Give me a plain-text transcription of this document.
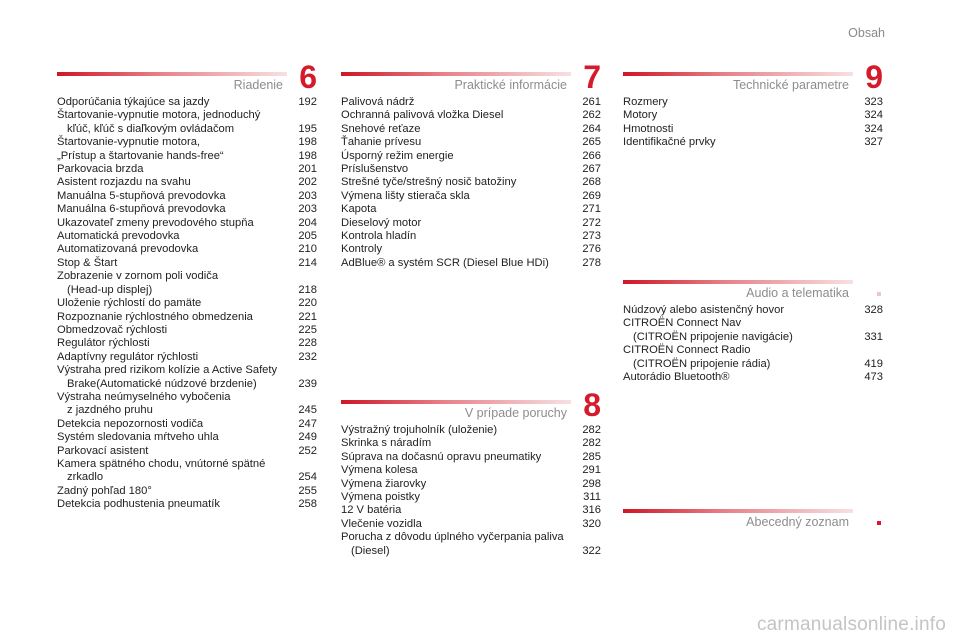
Obsah
Riadenie 6
Odporúčania týkajúce sa jazdy	192
Štartovanie-vypnutie motora, jednoduchý
kľúč, kľúč s diaľkovým ovládačom	195
Štartovanie-vypnutie motora,	198
„Prístup a štartovanie hands-free“	198
Parkovacia brzda	201
Asistent rozjazdu na svahu	202
Manuálna 5-stupňová prevodovka	203
Manuálna 6-stupňová prevodovka	203
Ukazovateľ zmeny prevodového stupňa	204
Automatická prevodovka	205
Automatizovaná prevodovka	210
Stop & Štart	214
Zobrazenie v zornom poli vodiča
(Head-up displej)	218
Uloženie rýchlostí do pamäte	220
Rozpoznanie rýchlostného obmedzenia	221
Obmedzovač rýchlosti	225
Regulátor rýchlosti	228
Adaptívny regulátor rýchlosti	232
Výstraha pred rizikom kolízie a Active Safety
Brake(Automatické núdzové brzdenie)	239
Výstraha neúmyselného vybočenia
z jazdného pruhu	245
Detekcia nepozornosti vodiča	247
Systém sledovania mŕtveho uhla	249
Parkovací asistent	252
Kamera spätného chodu, vnútorné spätné
zrkadlo	254
Zadný pohľad 180°	255
Detekcia podhustenia pneumatík	258
Praktické informácie 7
Palivová nádrž	261
Ochranná palivová vložka Diesel	262
Snehové reťaze	264
Ťahanie prívesu	265
Úsporný režim energie	266
Príslušenstvo	267
Strešné tyče/strešný nosič batožiny	268
Výmena lišty stierača skla	269
Kapota	271
Dieselový motor	272
Kontrola hladín	273
Kontroly	276
AdBlue® a systém SCR (Diesel Blue HDi)	278
V prípade poruchy 8
Výstražný trojuholník (uloženie)	282
Skrinka s náradím	282
Súprava na dočasnú opravu pneumatiky	285
Výmena kolesa	291
Výmena žiarovky	298
Výmena poistky	311
12 V batéria	316
Vlečenie vozidla	320
Porucha z dôvodu úplného vyčerpania paliva
(Diesel)	322
Technické parametre 9
Rozmery	323
Motory	324
Hmotnosti	324
Identifikačné prvky	327
Audio a telematika
Núdzový alebo asistenčný hovor	328
CITROËN Connect Nav
(CITROËN pripojenie navigácie)	331
CITROËN Connect Radio
(CITROËN pripojenie rádia)	419
Autorádio Bluetooth®	473
Abecedný zoznam
carmanualsonline.info
